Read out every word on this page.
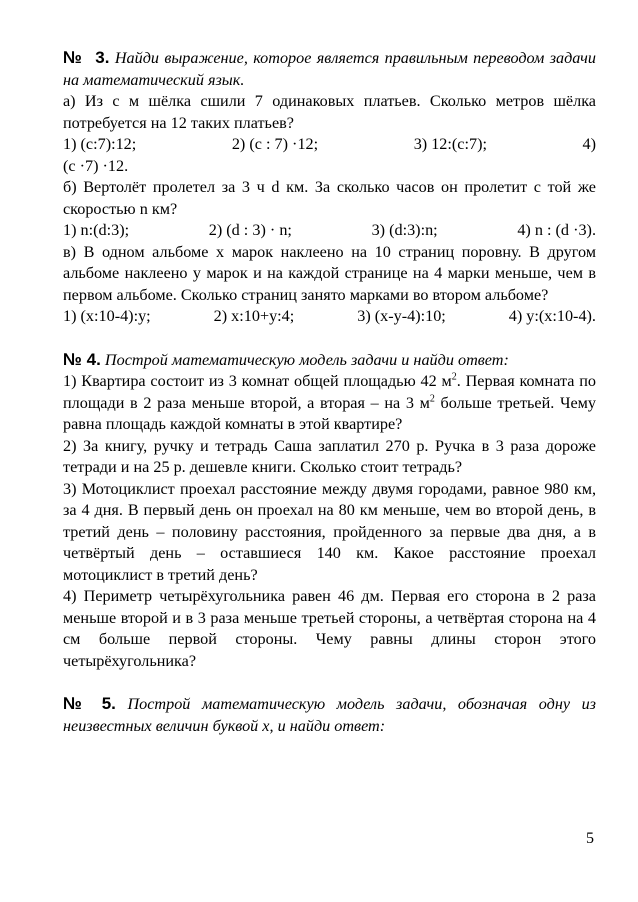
№  3. Найди выражение, которое является правильным переводом задачи на математический язык.

а) Из c м шёлка сшили 7 одинаковых платьев. Сколько метров шёлка потребуется на 12 таких платьев?

1) (c:7):12;	2) (c : 7) ·12;	3) 12:(c:7);	4)

(c ·7) ·12.

б) Вертолёт пролетел за 3 ч d км. За сколько часов он пролетит с той же скоростью n км?

1) n:(d:3);	2) (d : 3) · n;	3) (d:3):n;	4) n : (d ·3).

в) В одном альбоме x марок наклеено на 10 страниц поровну. В другом альбоме наклеено y марок и на каждой странице на 4 марки меньше, чем в первом альбоме. Сколько страниц занято марками во втором альбоме?

1) (x:10-4):y;	2) x:10+y:4;	3) (x-y-4):10;	4) y:(x:10-4).

№ 4. Построй математическую модель задачи и найди ответ:

1) Квартира состоит из 3 комнат общей площадью 42 $м^2$. Первая комната по площади в 2 раза меньше второй, а вторая – на 3 $м^2$ больше третьей. Чему равна площадь каждой комнаты в этой квартире?

2) За книгу, ручку и тетрадь Саша заплатил 270 р. Ручка в 3 раза дороже тетради и на 25 р. дешевле книги. Сколько стоит тетрадь?

3) Мотоциклист проехал расстояние между двумя городами, равное 980 км, за 4 дня. В первый день он проехал на 80 км меньше, чем во второй день, в третий день – половину расстояния, пройденного за первые два дня, а в четвёртый день – оставшиеся 140 км. Какое расстояние проехал мотоциклист в третий день?

4) Периметр четырёхугольника равен 46 дм. Первая его сторона в 2 раза меньше второй и в 3 раза меньше третьей стороны, а четвёртая сторона на 4 см больше первой стороны. Чему равны длины сторон этого четырёхугольника?

№ 5. Построй математическую модель задачи, обозначая одну из неизвестных величин буквой x, и найди ответ:

5
